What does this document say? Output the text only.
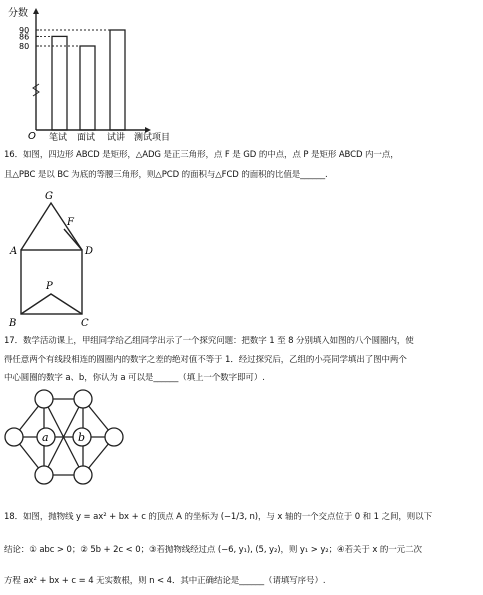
分数
O
80
86
90
笔试 面试 试讲 测试项目
16．如图，四边形 ABCD 是矩形，△ADG 是正三角形，点 F 是 GD 的中点，点 P 是矩形 ABCD 内一点，
且△PBC 是以 BC 为底的等腰三角形，则△PCD 的面积与△FCD 的面积的比值是______.
G
F
A	D
P
B	C
17．数学活动课上，甲组同学给乙组同学出示了一个探究问题：把数字 1 至 8 分别填入如图的八个圆圈内，使
得任意两个有线段相连的圆圈内的数字之差的绝对值不等于 1．经过探究后，乙组的小亮同学填出了图中两个
中心圆圈的数字 a、b，你认为 a 可以是______（填上一个数字即可）.
a	b
18．如图，抛物线 y = ax² + bx + c 的顶点 A 的坐标为 (−1/3, n)，与 x 轴的一个交点位于 0 和 1 之间，则以下
结论：① abc > 0；② 5b + 2c < 0；③若抛物线经过点 (−6, y₁), (5, y₂)，则 y₁ > y₂；④若关于 x 的一元二次
方程 ax² + bx + c = 4 无实数根，则 n < 4．其中正确结论是______（请填写序号）.
